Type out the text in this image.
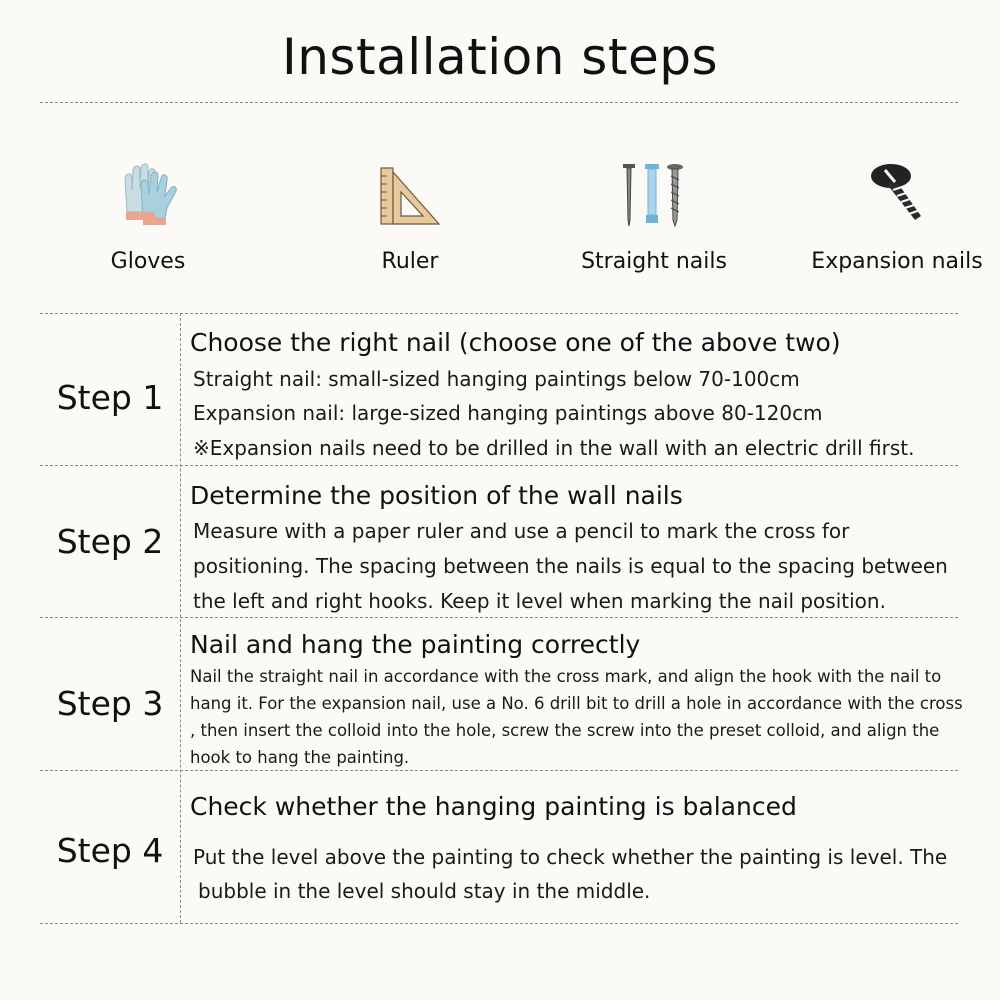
Installation steps
Gloves	Ruler	Straight nails	Expansion nails
Step 1
Choose the right nail (choose one of the above two)
Straight nail: small-sized hanging paintings below 70-100cm
Expansion nail: large-sized hanging paintings above 80-120cm
※Expansion nails need to be drilled in the wall with an electric drill first.
Step 2
Determine the position of the wall nails
Measure with a paper ruler and use a pencil to mark the cross for
positioning. The spacing between the nails is equal to the spacing between
the left and right hooks. Keep it level when marking the nail position.
Step 3
Nail and hang the painting correctly
Nail the straight nail in accordance with the cross mark, and align the hook with the nail to
hang it. For the expansion nail, use a No. 6 drill bit to drill a hole in accordance with the cross
, then insert the colloid into the hole, screw the screw into the preset colloid, and align the
hook to hang the painting.
Step 4
Check whether the hanging painting is balanced
Put the level above the painting to check whether the painting is level. The
bubble in the level should stay in the middle.
